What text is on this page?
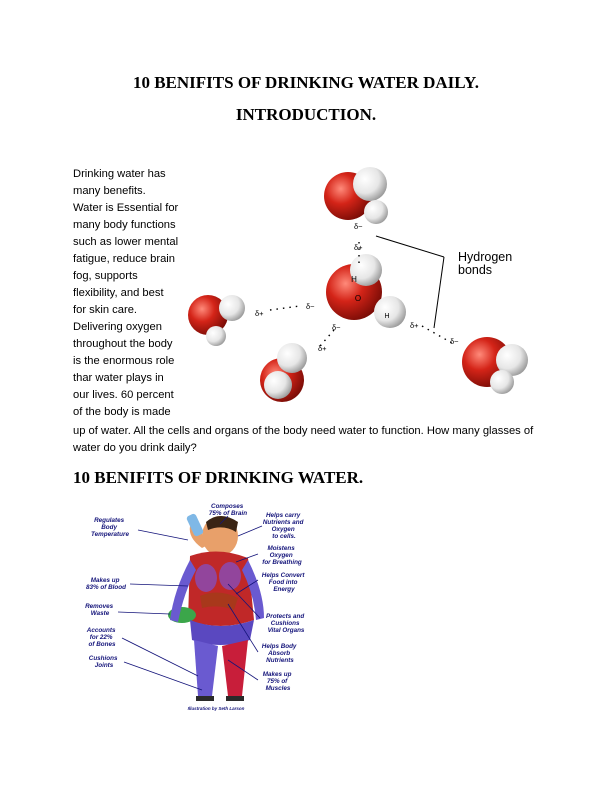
10 BENIFITS OF DRINKING WATER DAILY.
INTRODUCTION.
Drinking water has
many benefits.
Water is Essential for
many body functions
such as lower mental
fatigue, reduce brain
fog, supports
flexibility, and best
for skin care.
Delivering oxygen
throughout the body
is the enormous role
thar water plays in
our lives. 60 percent
of the body is made
up of water. All the cells and organs of the body need water to function. How many glasses of
water do you drink daily?
H
O
H
δ−
δ+
δ+
δ−
δ−
δ+
δ+
δ−
Hydrogen
bonds
10 BENIFITS OF DRINKING WATER.
Composes 75% of Brain
Regulates Body Temperature
Makes up 83% of Blood
Removes Waste
Accounts for 22% of Bones
Cushions Joints
Helps carry Nutrients and Oxygen to cells.
Moistens Oxygen for Breathing
Helps Convert Food into Energy
Protects and Cushions Vital Organs
Helps Body Absorb Nutrients
Makes up 75% of Muscles
Illustration by Seth Larson
